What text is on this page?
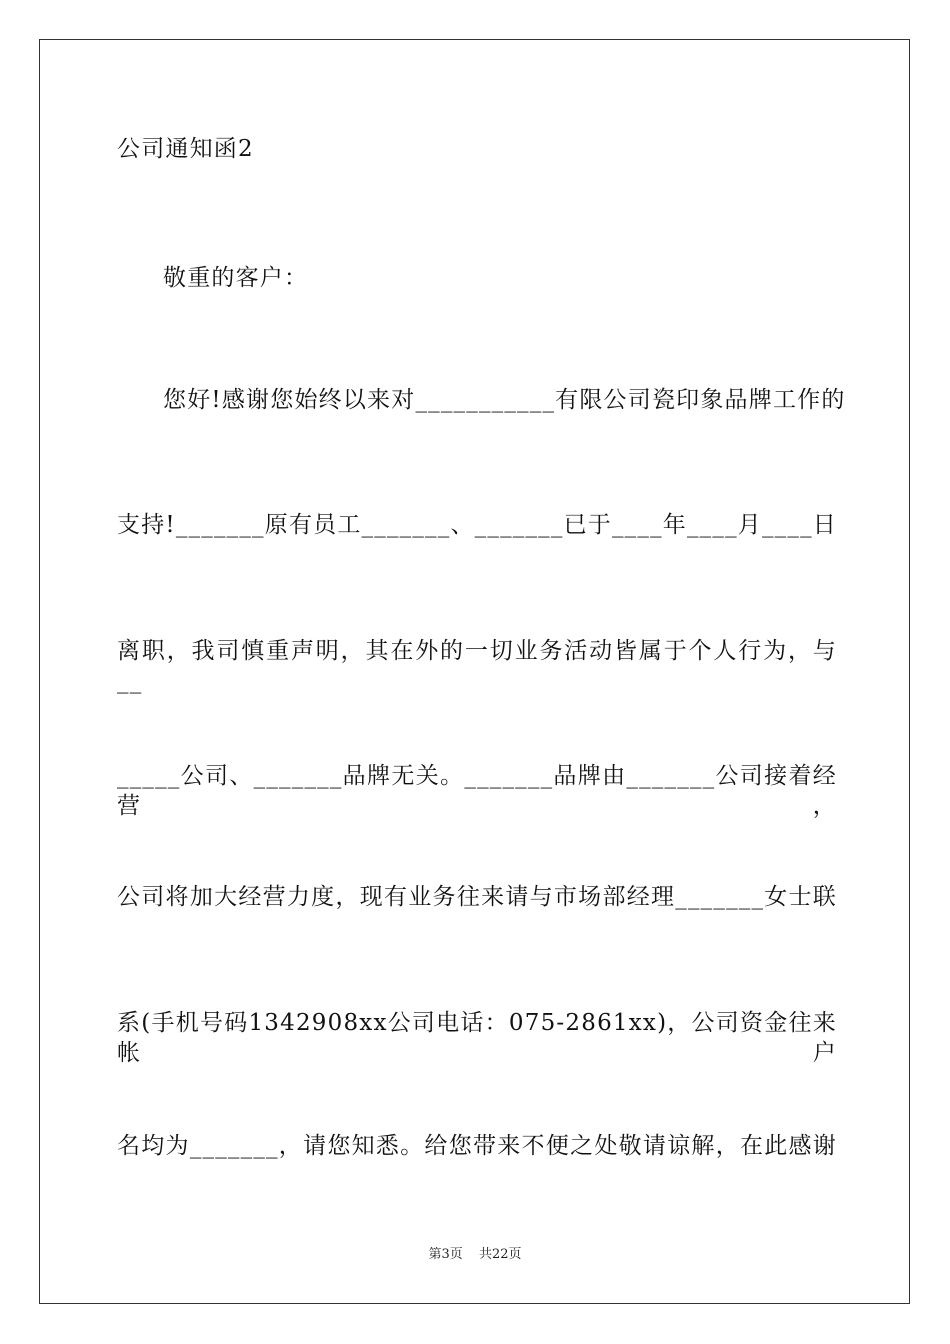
公司通知函2
敬重的客户：
您好!感谢您始终以来对___________有限公司瓷印象品牌工作的
支持!_______原有员工_______、_______已于____年____月____日
离职，我司慎重声明，其在外的一切业务活动皆属于个人行为，与__
_____公司、_______品牌无关。_______品牌由_______公司接着经营，
公司将加大经营力度，现有业务往来请与市场部经理_______女士联
系(手机号码1342908xx公司电话：075-2861xx)，公司资金往来帐户
名均为_______，请您知悉。给您带来不便之处敬请谅解，在此感谢
第3页 共22页
